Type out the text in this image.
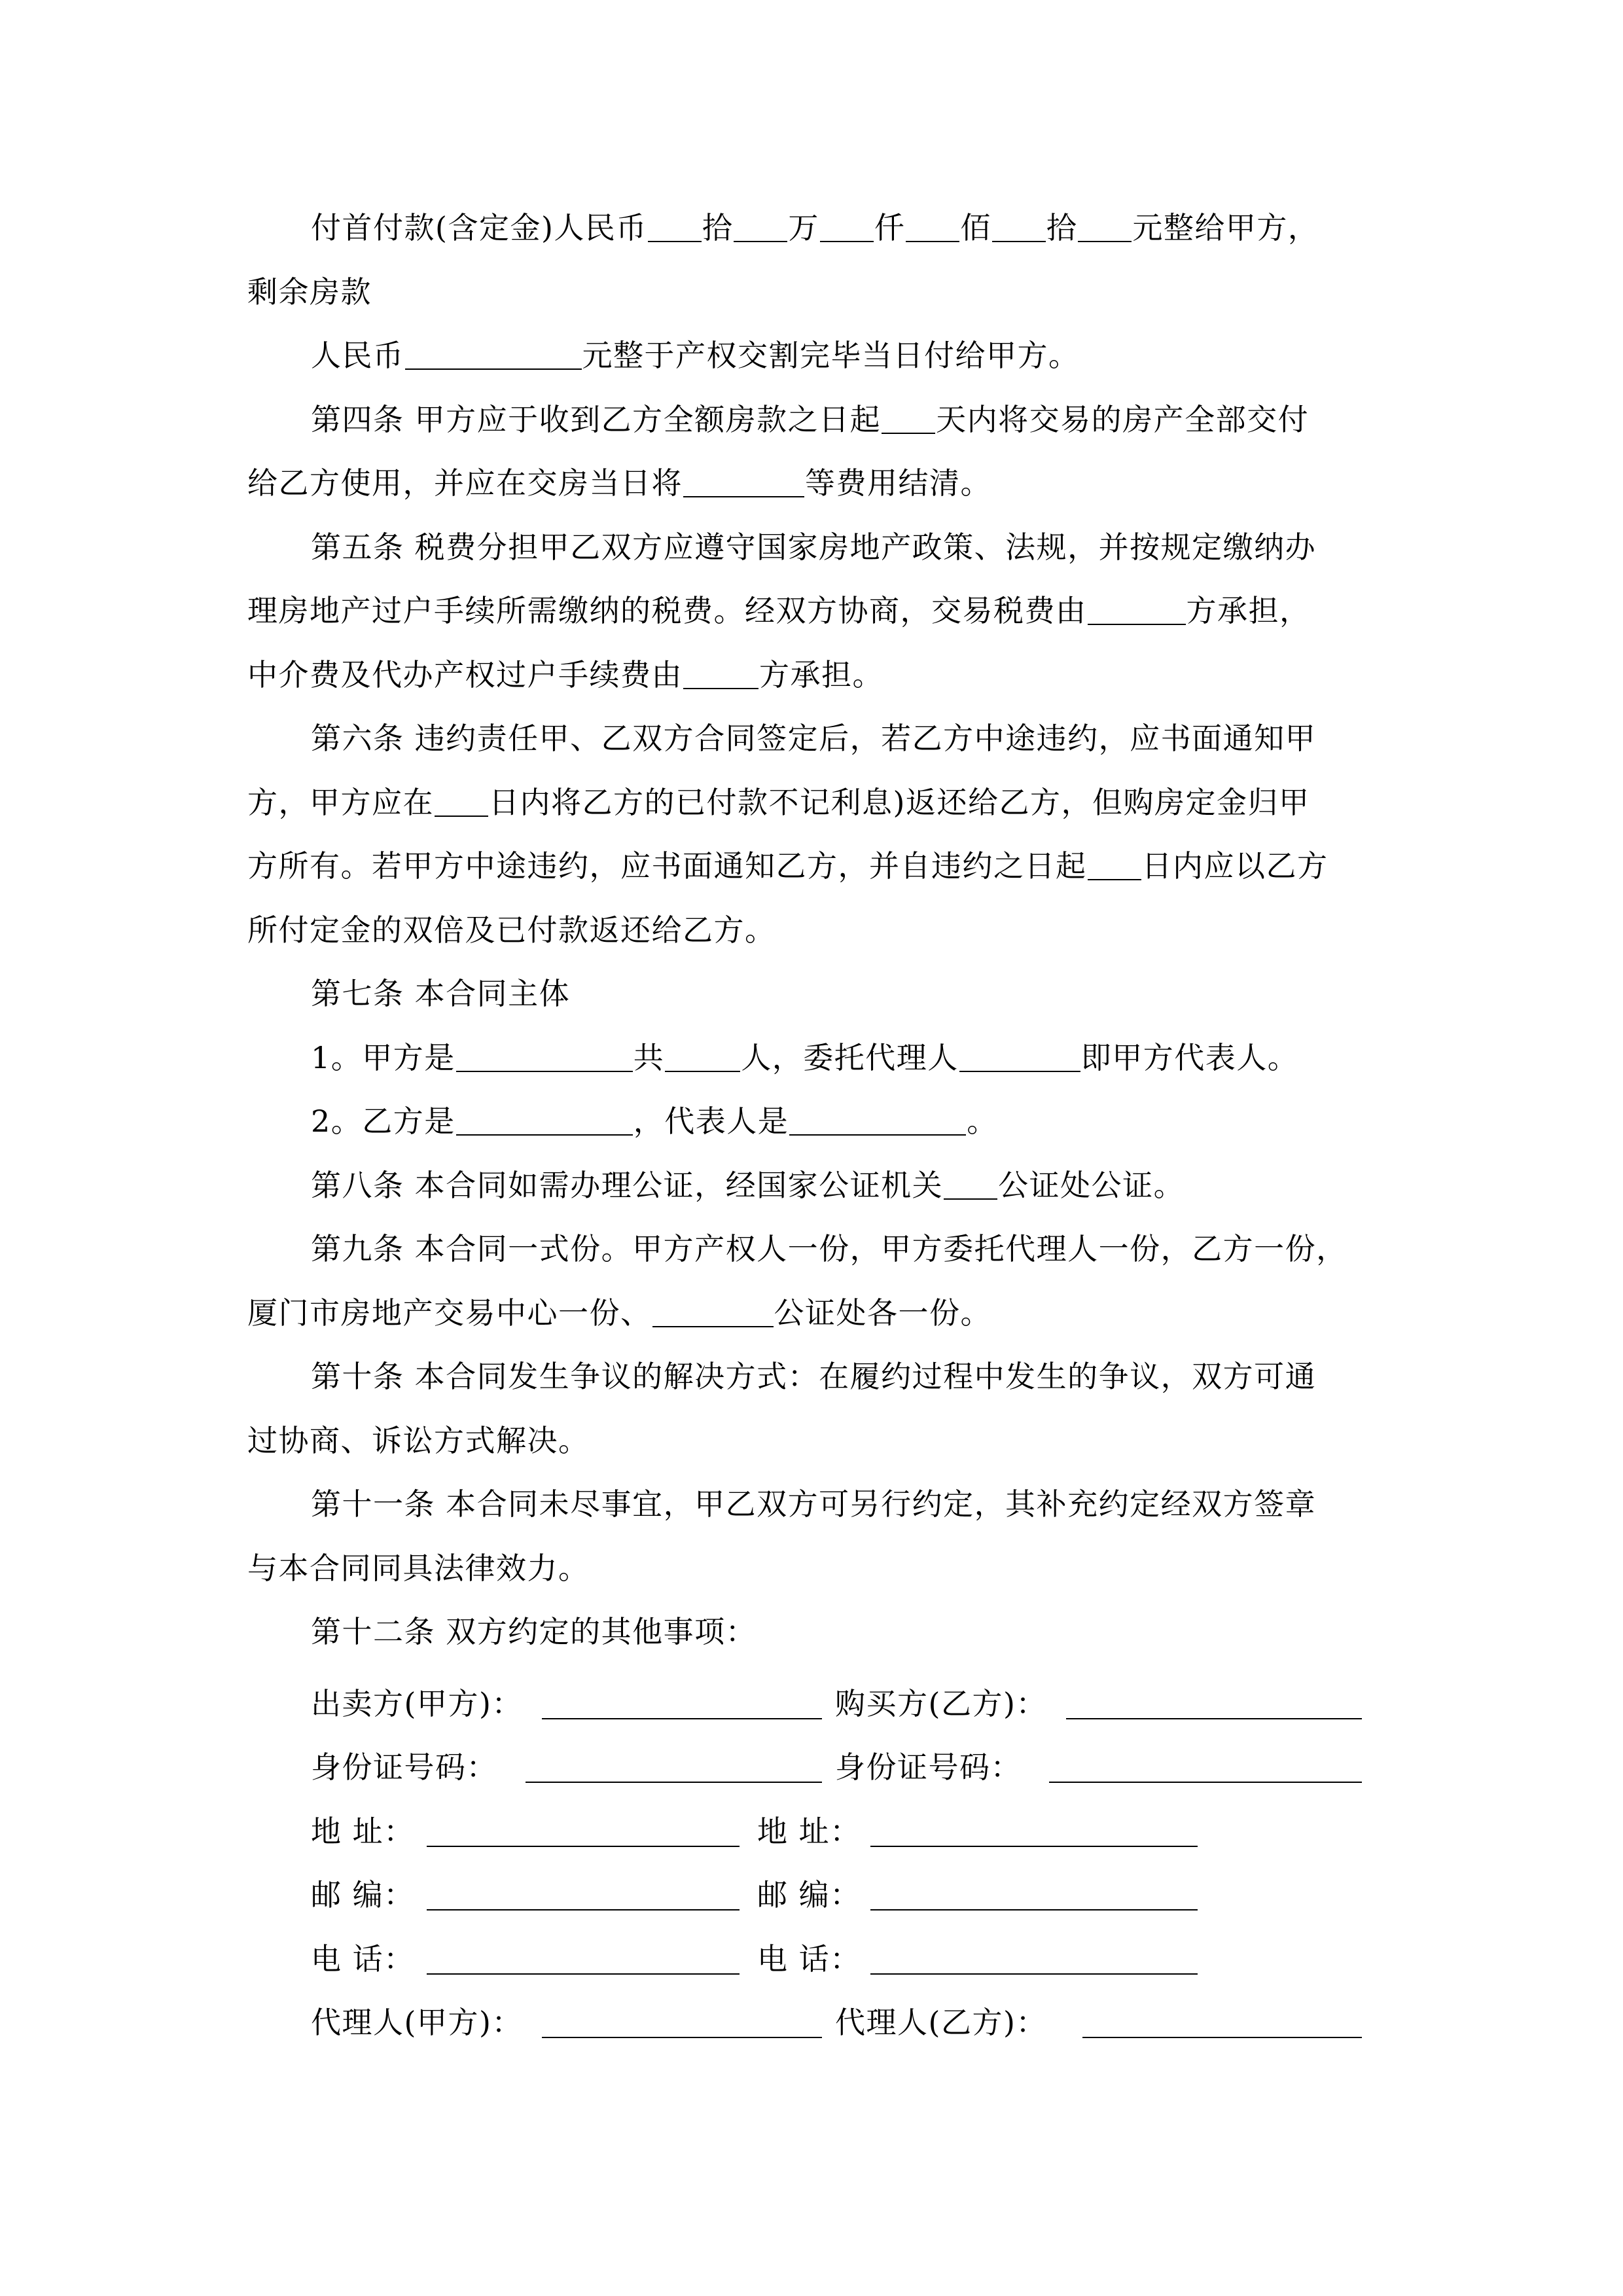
付首付款(含定金)人民币 拾 万 仟 佰 拾 元整给甲方，
剩余房款
人民币	元整于产权交割完毕当日付给甲方。
第四条 甲方应于收到乙方全额房款之日起 天内将交易的房产全部交付
给乙方使用，并应在交房当日将	等费用结清。
第五条 税费分担甲乙双方应遵守国家房地产政策、法规，并按规定缴纳办
理房地产过户手续所需缴纳的税费。经双方协商，交易税费由	方承担，
中介费及代办产权过户手续费由	方承担。
第六条 违约责任甲、乙双方合同签定后，若乙方中途违约，应书面通知甲
方，甲方应在 日内将乙方的已付款不记利息)返还给乙方，但购房定金归甲
方所有。若甲方中途违约，应书面通知乙方，并自违约之日起 日内应以乙方
所付定金的双倍及已付款返还给乙方。
第七条 本合同主体
1。甲方是	共	人，委托代理人	即甲方代表人。
2。乙方是	，代表人是	。
第八条 本合同如需办理公证，经国家公证机关 公证处公证。
第九条 本合同一式份。甲方产权人一份，甲方委托代理人一份，乙方一份，
厦门市房地产交易中心一份、	公证处各一份。
第十条 本合同发生争议的解决方式：在履约过程中发生的争议，双方可通
过协商、诉讼方式解决。
第十一条 本合同未尽事宜，甲乙双方可另行约定，其补充约定经双方签章
与本合同同具法律效力。
第十二条 双方约定的其他事项：
出卖方(甲方)：	购买方(乙方)：
身份证号码：	身份证号码：
地 址：	地 址：
邮 编：	邮 编：
电 话：	电 话：
代理人(甲方)：	代理人(乙方)：
